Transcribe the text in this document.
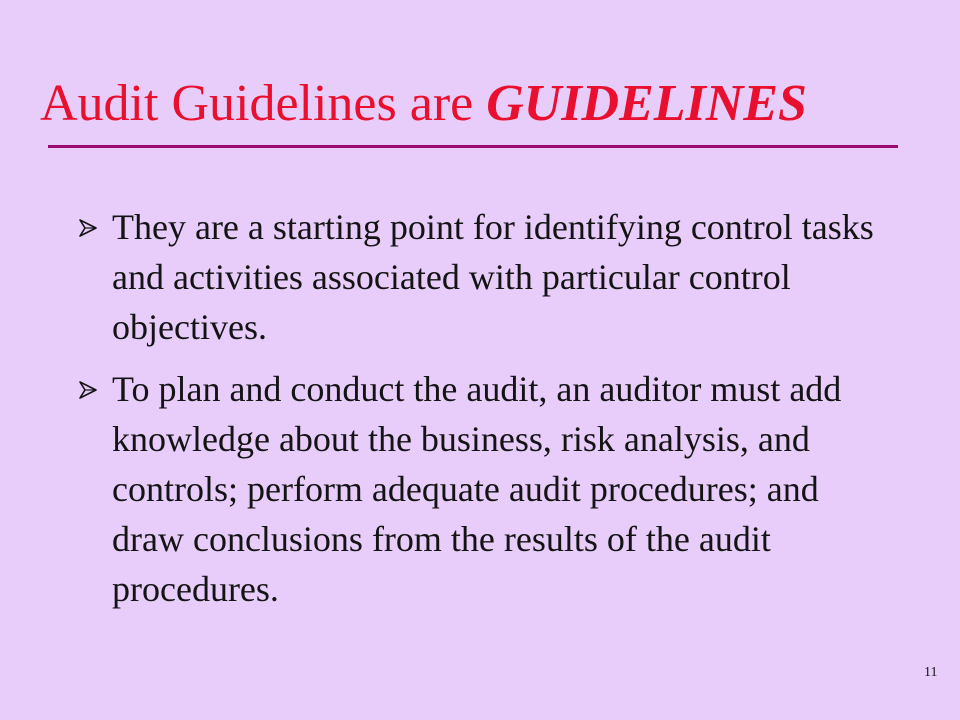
Audit Guidelines are GUIDELINES
They are a starting point for identifying control tasks and activities associated with particular control objectives.
To plan and conduct the audit, an auditor must add knowledge about the business, risk analysis, and controls; perform adequate audit procedures; and draw conclusions from the results of the audit procedures.
11
